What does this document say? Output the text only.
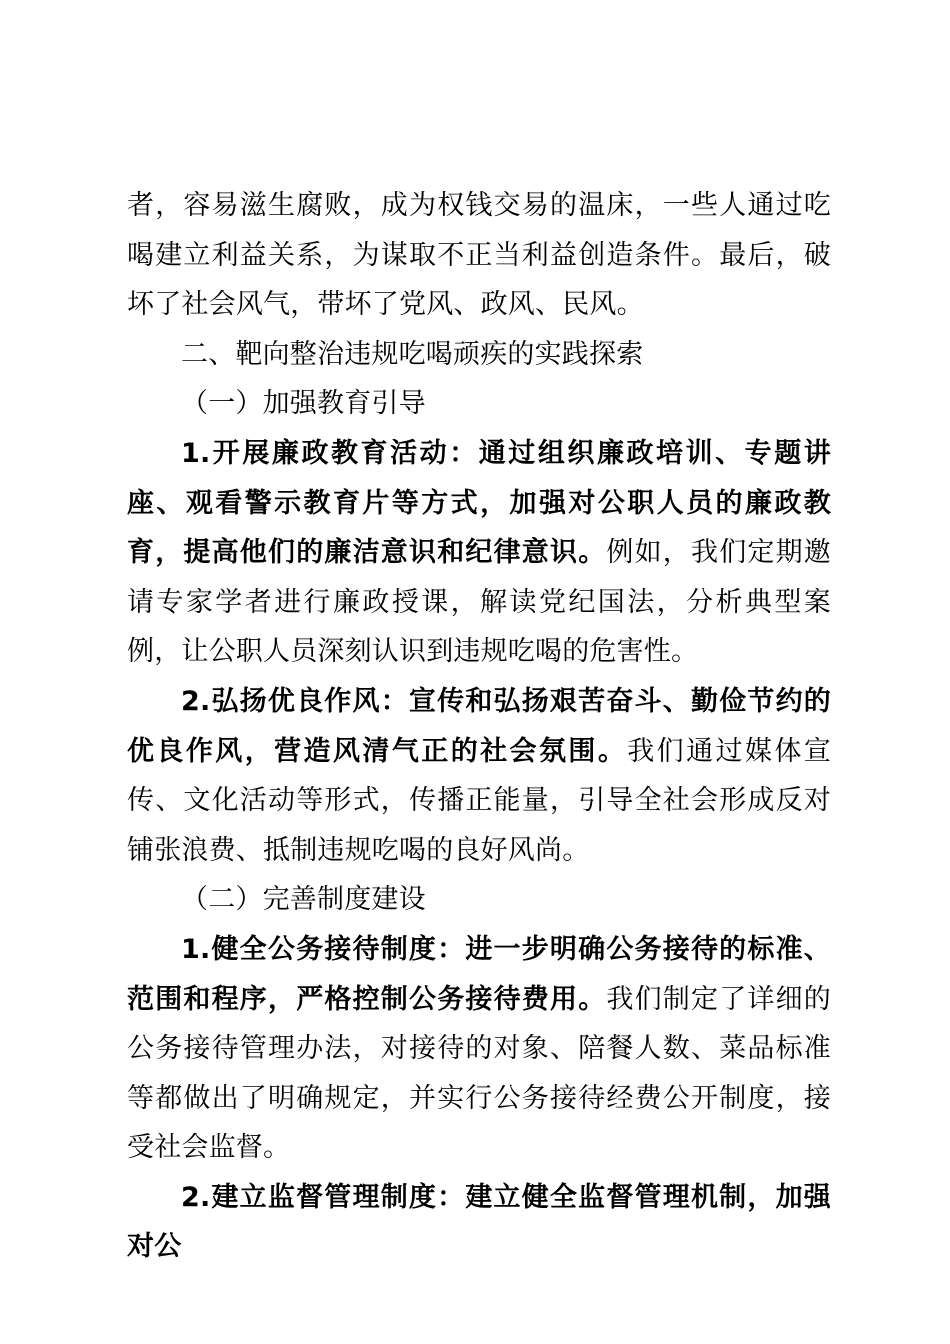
者，容易滋生腐败，成为权钱交易的温床，一些人通过吃喝建立利益关系，为谋取不正当利益创造条件。最后，破坏了社会风气，带坏了党风、政风、民风。

二、靶向整治违规吃喝顽疾的实践探索

（一）加强教育引导

1.开展廉政教育活动：通过组织廉政培训、专题讲座、观看警示教育片等方式，加强对公职人员的廉政教育，提高他们的廉洁意识和纪律意识。例如，我们定期邀请专家学者进行廉政授课，解读党纪国法，分析典型案例，让公职人员深刻认识到违规吃喝的危害性。

2.弘扬优良作风：宣传和弘扬艰苦奋斗、勤俭节约的优良作风，营造风清气正的社会氛围。我们通过媒体宣传、文化活动等形式，传播正能量，引导全社会形成反对铺张浪费、抵制违规吃喝的良好风尚。

（二）完善制度建设

1.健全公务接待制度：进一步明确公务接待的标准、范围和程序，严格控制公务接待费用。我们制定了详细的公务接待管理办法，对接待的对象、陪餐人数、菜品标准等都做出了明确规定，并实行公务接待经费公开制度，接受社会监督。

2.建立监督管理制度：建立健全监督管理机制，加强对公
